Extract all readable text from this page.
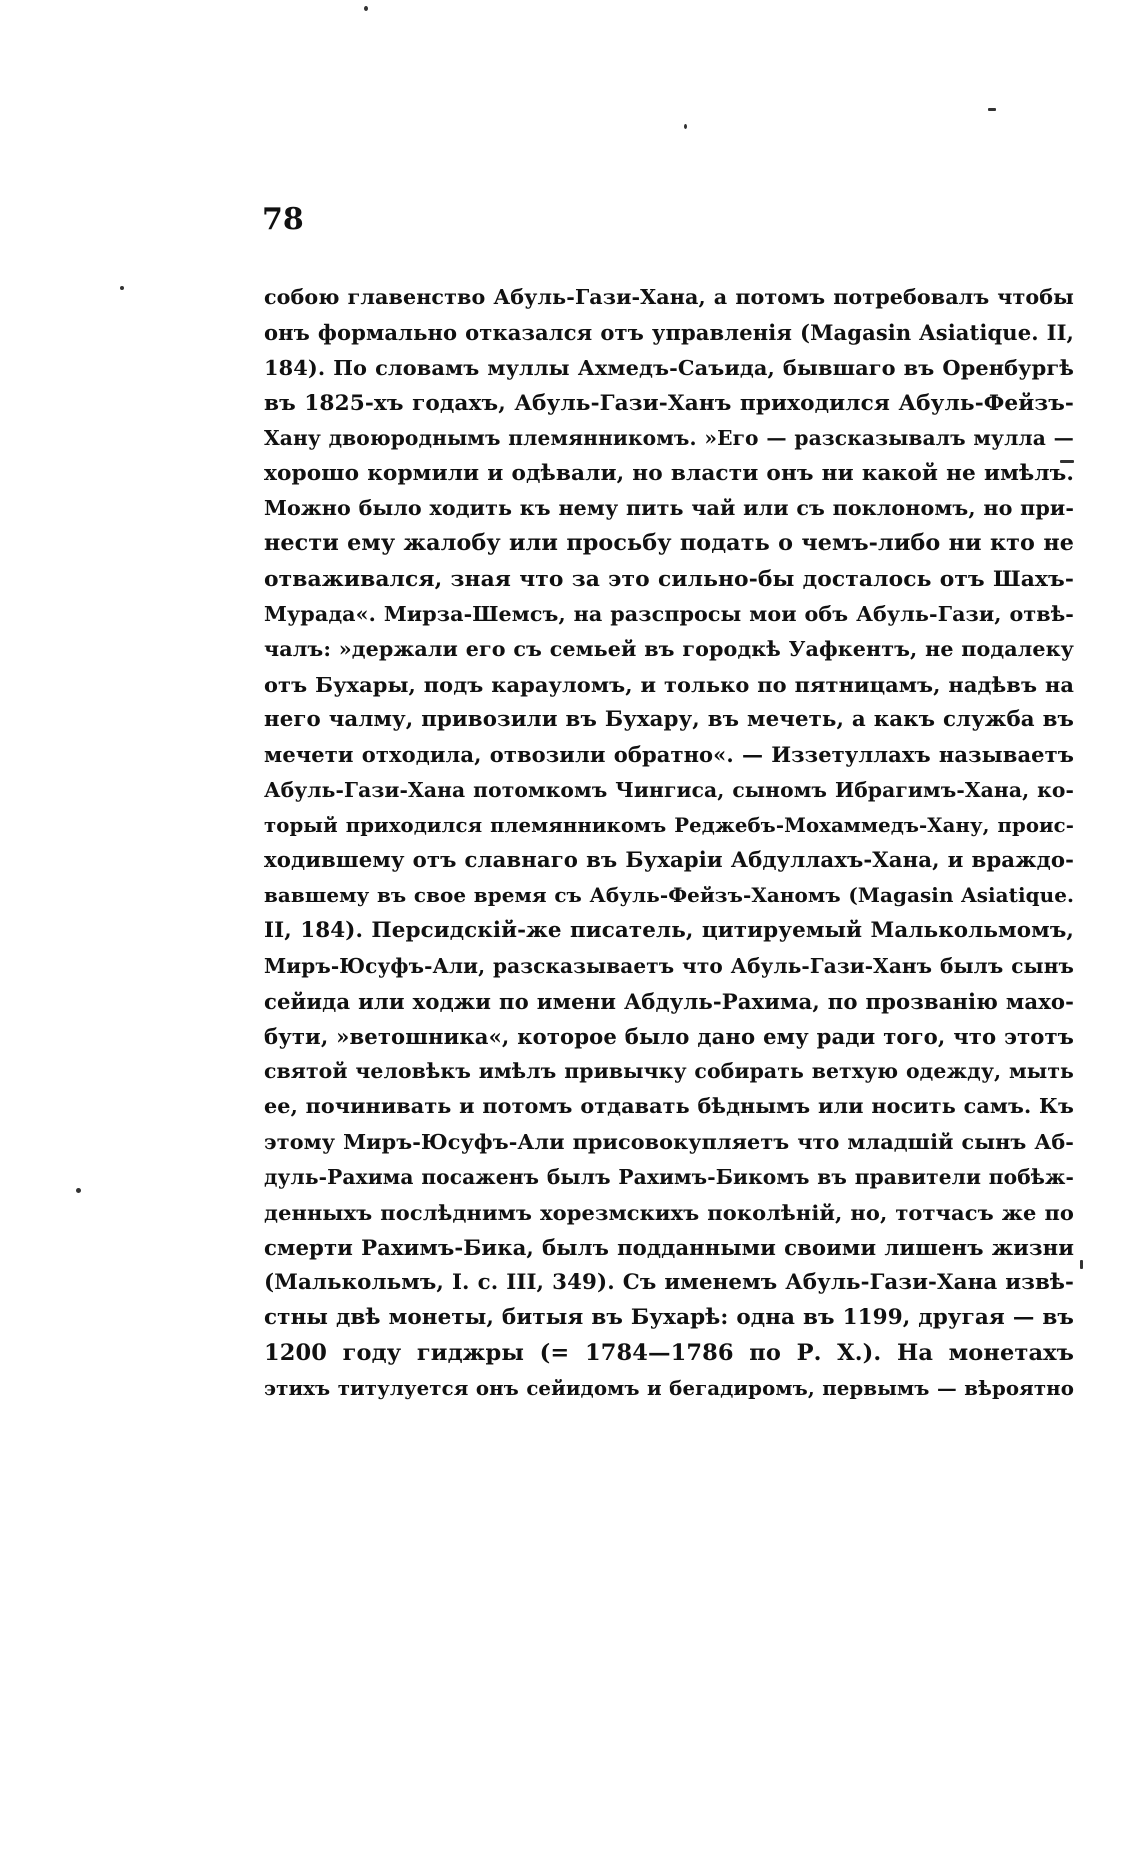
78

собою главенство Абуль-Гази-Хана, а потомъ потребовалъ чтобы
онъ формально отказался отъ управленія (Magasin Asiatique. II,
184). По словамъ муллы Ахмедъ-Саъида, бывшаго въ Оренбургѣ
въ 1825-хъ годахъ, Абуль-Гази-Ханъ приходился Абуль-Фейзъ-
Хану двоюроднымъ племянникомъ. »Его — разсказывалъ мулла —
хорошо кормили и одѣвали, но власти онъ ни какой не имѣлъ.
Можно было ходить къ нему пить чай или съ поклономъ, но при-
нести ему жалобу или просьбу подать о чемъ-либо ни кто не
отваживался, зная что за это сильно-бы досталось отъ Шахъ-
Мурада«. Мирза-Шемсъ, на разспросы мои объ Абуль-Гази, отвѣ-
чалъ: »держали его съ семьей въ городкѣ Уафкентъ, не подалеку
отъ Бухары, подъ карауломъ, и только по пятницамъ, надѣвъ на
него чалму, привозили въ Бухару, въ мечеть, а какъ служба въ
мечети отходила, отвозили обратно«. — Иззетуллахъ называетъ
Абуль-Гази-Хана потомкомъ Чингиса, сыномъ Ибрагимъ-Хана, ко-
торый приходился племянникомъ Реджебъ-Мохаммедъ-Хану, проис-
ходившему отъ славнаго въ Бухаріи Абдуллахъ-Хана, и враждо-
вавшему въ свое время съ Абуль-Фейзъ-Ханомъ (Magasin Asiatique.
II, 184). Персидскій-же писатель, цитируемый Малькольмомъ,
Миръ-Юсуфъ-Али, разсказываетъ что Абуль-Гази-Ханъ былъ сынъ
сейида или ходжи по имени Абдуль-Рахима, по прозванію махо-
бути, »ветошника«, которое было дано ему ради того, что этотъ
святой человѣкъ имѣлъ привычку собирать ветхую одежду, мыть
ее, починивать и потомъ отдавать бѣднымъ или носить самъ. Къ
этому Миръ-Юсуфъ-Али присовокупляетъ что младшій сынъ Аб-
дуль-Рахима посаженъ былъ Рахимъ-Бикомъ въ правители побѣж-
денныхъ послѣднимъ хорезмскихъ поколѣній, но, тотчасъ же по
смерти Рахимъ-Бика, былъ подданными своими лишенъ жизни
(Малькольмъ, I. с. III, 349). Съ именемъ Абуль-Гази-Хана извѣ-
стны двѣ монеты, битыя въ Бухарѣ: одна въ 1199, другая — въ
1200 году гиджры (= 1784—1786 по Р. Х.). На монетахъ
этихъ титулуется онъ сейидомъ и бегадиромъ, первымъ — вѣроятно
